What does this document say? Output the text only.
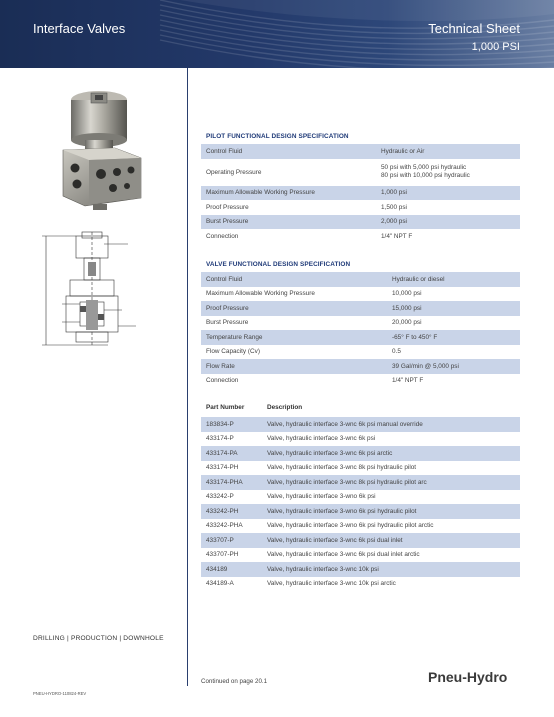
Interface Valves	Technical Sheet
1,000 PSI
PILOT FUNCTIONAL DESIGN SPECIFICATION
Control Fluid	Hydraulic or Air
Operating Pressure	50 psi with 5,000 psi hydraulic
80 psi with 10,000 psi hydraulic

Maximum Allowable Working Pressure	1,000 psi
Proof Pressure	1,500 psi
Burst Pressure	2,000 psi
Connection	1/4" NPT F
VALVE FUNCTIONAL DESIGN SPECIFICATION
Control Fluid	Hydraulic or diesel
Maximum Allowable Working Pressure	10,000 psi
Proof Pressure	15,000 psi
Burst Pressure	20,000 psi
Temperature Range	-65° F to 450° F
Flow Capacity (Cv)	0.5
Flow Rate	39 Gal/min @ 5,000 psi
Connection	1/4" NPT F
Part Number	Description
183834-P	Valve, hydraulic interface 3-wnc 6k psi manual override
433174-P	Valve, hydraulic interface 3-wnc 6k psi
433174-PA	Valve, hydraulic interface 3-wnc 6k psi arctic
433174-PH	Valve, hydraulic interface 3-wnc 8k psi hydraulic pilot
433174-PHA	Valve, hydraulic interface 3-wnc 8k psi hydraulic pilot arc
433242-P	Valve, hydraulic interface 3-wno 6k psi
433242-PH	Valve, hydraulic interface 3-wno 6k psi hydraulic pilot
433242-PHA	Valve, hydraulic interface 3-wno 6k psi hydraulic pilot arctic
433707-P	Valve, hydraulic interface 3-wnc 6k psi dual inlet
433707-PH	Valve, hydraulic interface 3-wnc 6k psi dual inlet arctic
434189	Valve, hydraulic interface 3-wnc 10k psi
434189-A	Valve, hydraulic interface 3-wnc 10k psi arctic
DRILLING | PRODUCTION | DOWNHOLE
Continued on page 20.1	Pneu-Hydro
PNEU-HYDRO-110824-REV
